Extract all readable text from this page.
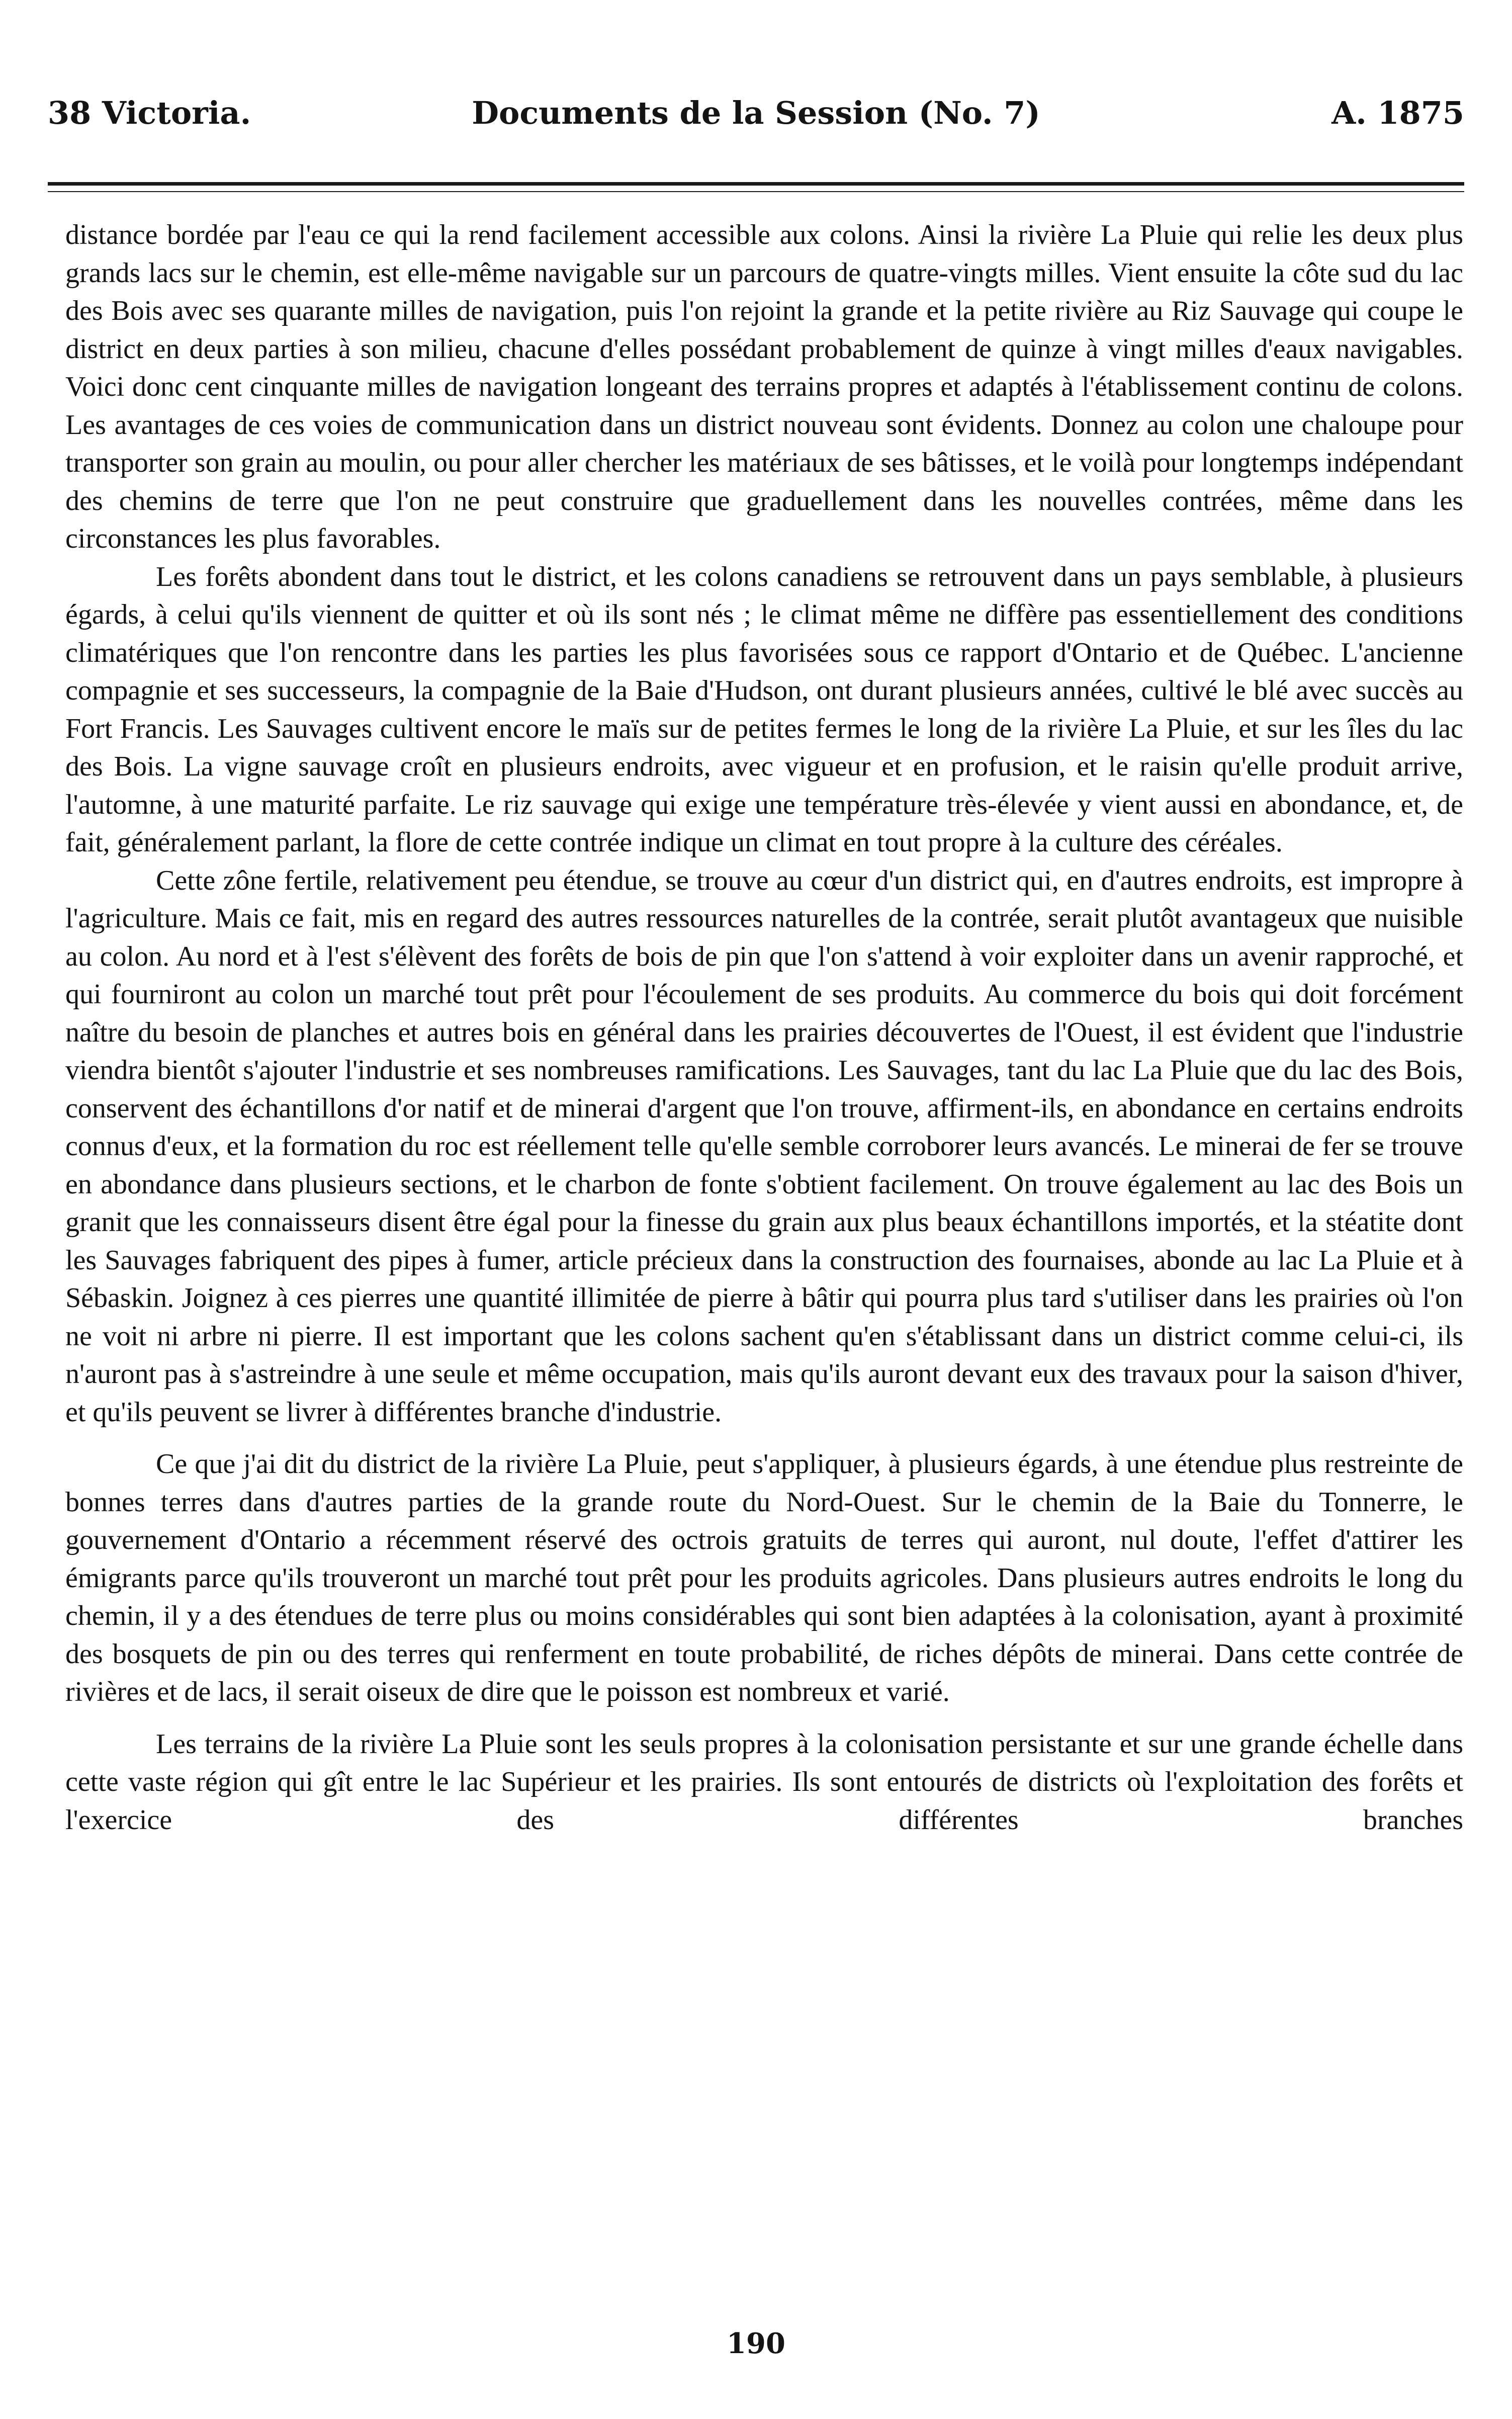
38 Victoria.	Documents de la Session (No. 7)	A. 1875

distance bordée par l'eau ce qui la rend facilement accessible aux colons. Ainsi la rivière La Pluie qui relie les deux plus grands lacs sur le chemin, est elle-même navigable sur un parcours de quatre-vingts milles. Vient ensuite la côte sud du lac des Bois avec ses quarante milles de navigation, puis l'on rejoint la grande et la petite rivière au Riz Sauvage qui coupe le district en deux parties à son milieu, chacune d'elles possédant probablement de quinze à vingt milles d'eaux navigables. Voici donc cent cinquante milles de navigation longeant des terrains propres et adaptés à l'établissement continu de colons. Les avantages de ces voies de communication dans un district nouveau sont évidents. Donnez au colon une chaloupe pour transporter son grain au moulin, ou pour aller chercher les matériaux de ses bâtisses, et le voilà pour longtemps indépendant des chemins de terre que l'on ne peut construire que graduellement dans les nouvelles contrées, même dans les circonstances les plus favorables.

Les forêts abondent dans tout le district, et les colons canadiens se retrouvent dans un pays semblable, à plusieurs égards, à celui qu'ils viennent de quitter et où ils sont nés ; le climat même ne diffère pas essentiellement des conditions climatériques que l'on rencontre dans les parties les plus favorisées sous ce rapport d'Ontario et de Québec. L'ancienne compagnie et ses successeurs, la compagnie de la Baie d'Hudson, ont durant plusieurs années, cultivé le blé avec succès au Fort Francis. Les Sauvages cultivent encore le maïs sur de petites fermes le long de la rivière La Pluie, et sur les îles du lac des Bois. La vigne sauvage croît en plusieurs endroits, avec vigueur et en profusion, et le raisin qu'elle produit arrive, l'automne, à une maturité parfaite. Le riz sauvage qui exige une température très-élevée y vient aussi en abondance, et, de fait, généralement parlant, la flore de cette contrée indique un climat en tout propre à la culture des céréales.

Cette zône fertile, relativement peu étendue, se trouve au cœur d'un district qui, en d'autres endroits, est impropre à l'agriculture. Mais ce fait, mis en regard des autres ressources naturelles de la contrée, serait plutôt avantageux que nuisible au colon. Au nord et à l'est s'élèvent des forêts de bois de pin que l'on s'attend à voir exploiter dans un avenir rapproché, et qui fourniront au colon un marché tout prêt pour l'écoulement de ses produits. Au commerce du bois qui doit forcément naître du besoin de planches et autres bois en général dans les prairies découvertes de l'Ouest, il est évident que l'industrie viendra bientôt s'ajouter l'industrie et ses nombreuses ramifications. Les Sauvages, tant du lac La Pluie que du lac des Bois, conservent des échantillons d'or natif et de minerai d'argent que l'on trouve, affirment-ils, en abondance en certains endroits connus d'eux, et la formation du roc est réellement telle qu'elle semble corroborer leurs avancés. Le minerai de fer se trouve en abondance dans plusieurs sections, et le charbon de fonte s'obtient facilement. On trouve également au lac des Bois un granit que les connaisseurs disent être égal pour la finesse du grain aux plus beaux échantillons importés, et la stéatite dont les Sauvages fabriquent des pipes à fumer, article précieux dans la construction des fournaises, abonde au lac La Pluie et à Sébaskin. Joignez à ces pierres une quantité illimitée de pierre à bâtir qui pourra plus tard s'utiliser dans les prairies où l'on ne voit ni arbre ni pierre. Il est important que les colons sachent qu'en s'établissant dans un district comme celui-ci, ils n'auront pas à s'astreindre à une seule et même occupation, mais qu'ils auront devant eux des travaux pour la saison d'hiver, et qu'ils peuvent se livrer à différentes branche d'industrie.

Ce que j'ai dit du district de la rivière La Pluie, peut s'appliquer, à plusieurs égards, à une étendue plus restreinte de bonnes terres dans d'autres parties de la grande route du Nord-Ouest. Sur le chemin de la Baie du Tonnerre, le gouvernement d'Ontario a récemment réservé des octrois gratuits de terres qui auront, nul doute, l'effet d'attirer les émigrants parce qu'ils trouveront un marché tout prêt pour les produits agricoles. Dans plusieurs autres endroits le long du chemin, il y a des étendues de terre plus ou moins considérables qui sont bien adaptées à la colonisation, ayant à proximité des bosquets de pin ou des terres qui renferment en toute probabilité, de riches dépôts de minerai. Dans cette contrée de rivières et de lacs, il serait oiseux de dire que le poisson est nombreux et varié.

Les terrains de la rivière La Pluie sont les seuls propres à la colonisation persistante et sur une grande échelle dans cette vaste région qui gît entre le lac Supérieur et les prairies. Ils sont entourés de districts où l'exploitation des forêts et l'exercice des différentes branches

190
